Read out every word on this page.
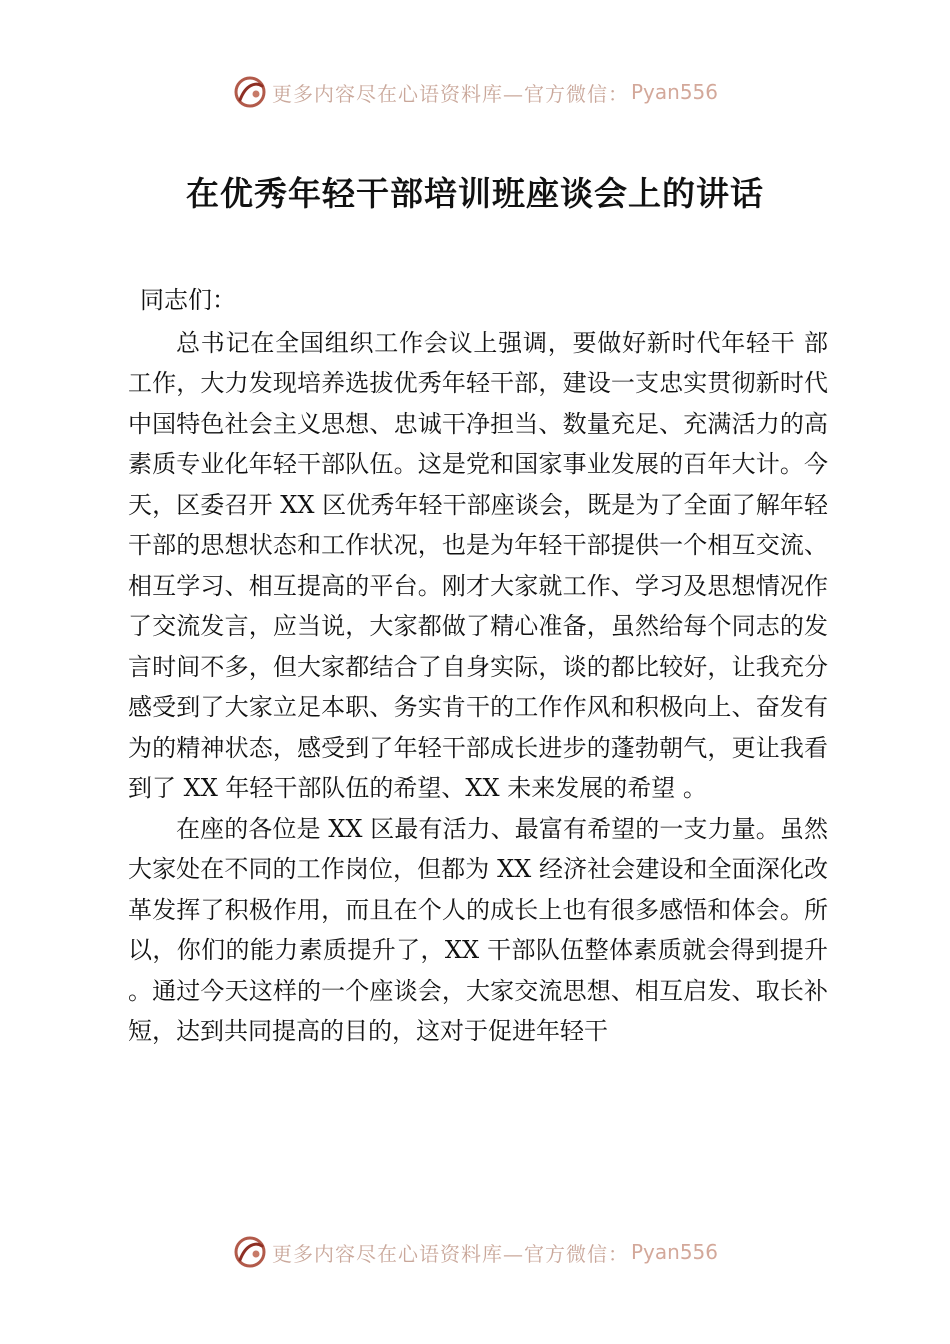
更多内容尽在心语资料库—官方微信： Pyan556
在优秀年轻干部培训班座谈会上的讲话

同志们：

总书记在全国组织工作会议上强调，要做好新时代年轻干 部工作，大力发现培养选拔优秀年轻干部，建设一支忠实贯彻新时代中国特色社会主义思想、忠诚干净担当、数量充足、充满活力的高素质专业化年轻干部队伍。这是党和国家事业发展的百年大计。今天，区委召开 XX 区优秀年轻干部座谈会，既是为了全面了解年轻干部的思想状态和工作状况，也是为年轻干部提供一个相互交流、相互学习、相互提高的平台。刚才大家就工作、学习及思想情况作了交流发言，应当说，大家都做了精心准备，虽然给每个同志的发言时间不多，但大家都结合了自身实际，谈的都比较好，让我充分感受到了大家立足本职、务实肯干的工作作风和积极向上、奋发有为的精神状态，感受到了年轻干部成长进步的蓬勃朝气，更让我看到了 XX 年轻干部队伍的希望、XX 未来发展的希望 。

在座的各位是 XX 区最有活力、最富有希望的一支力量。虽然大家处在不同的工作岗位，但都为 XX 经济社会建设和全面深化改革发挥了积极作用，而且在个人的成长上也有很多感悟和体会。所以，你们的能力素质提升了，XX 干部队伍整体素质就会得到提升 。通过今天这样的一个座谈会，大家交流思想、相互启发、取长补短，达到共同提高的目的，这对于促进年轻干

更多内容尽在心语资料库—官方微信： Pyan556
